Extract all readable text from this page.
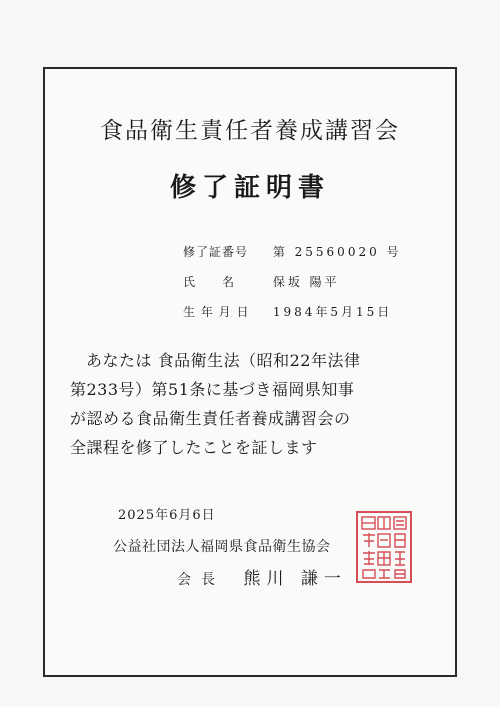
食品衛生責任者養成講習会
修了証明書
修了証番号 第 25560020 号
氏　　名	保坂 陽平
生 年 月 日 1984年5月15日

あなたは 食品衛生法（昭和22年法律

第233号）第51条に基づき福岡県知事

が認める食品衛生責任者養成講習会の

全課程を修了したことを証します

2025年6月6日
公益社団法人福岡県食品衛生協会
会長 熊川 謙一
